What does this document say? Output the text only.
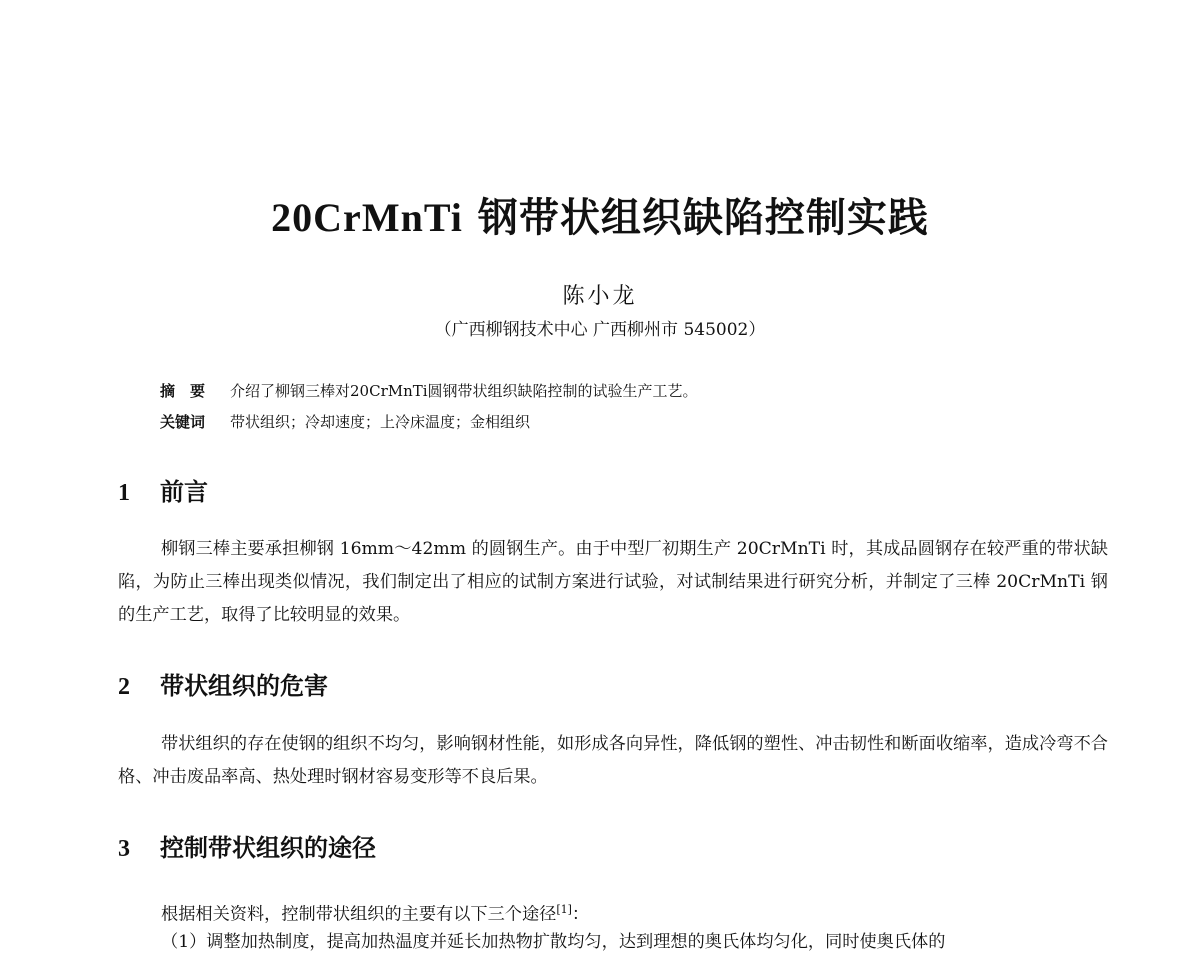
20CrMnTi 钢带状组织缺陷控制实践
陈小龙
（广西柳钢技术中心 广西柳州市 545002）
摘　要 介绍了柳钢三棒对20CrMnTi圆钢带状组织缺陷控制的试验生产工艺。
关键词 带状组织；冷却速度；上冷床温度；金相组织
1 前言
柳钢三棒主要承担柳钢 16mm～42mm 的圆钢生产。由于中型厂初期生产 20CrMnTi 时，其成品圆钢存在较严重的带状缺陷，为防止三棒出现类似情况，我们制定出了相应的试制方案进行试验，对试制结果进行研究分析，并制定了三棒 20CrMnTi 钢的生产工艺，取得了比较明显的效果。
2 带状组织的危害
带状组织的存在使钢的组织不均匀，影响钢材性能，如形成各向异性，降低钢的塑性、冲击韧性和断面收缩率，造成冷弯不合格、冲击废品率高、热处理时钢材容易变形等不良后果。
3 控制带状组织的途径
根据相关资料，控制带状组织的主要有以下三个途径[1]：
（1）调整加热制度，提高加热温度并延长加热物扩散均匀，达到理想的奥氏体均匀化，同时使奥氏体的
